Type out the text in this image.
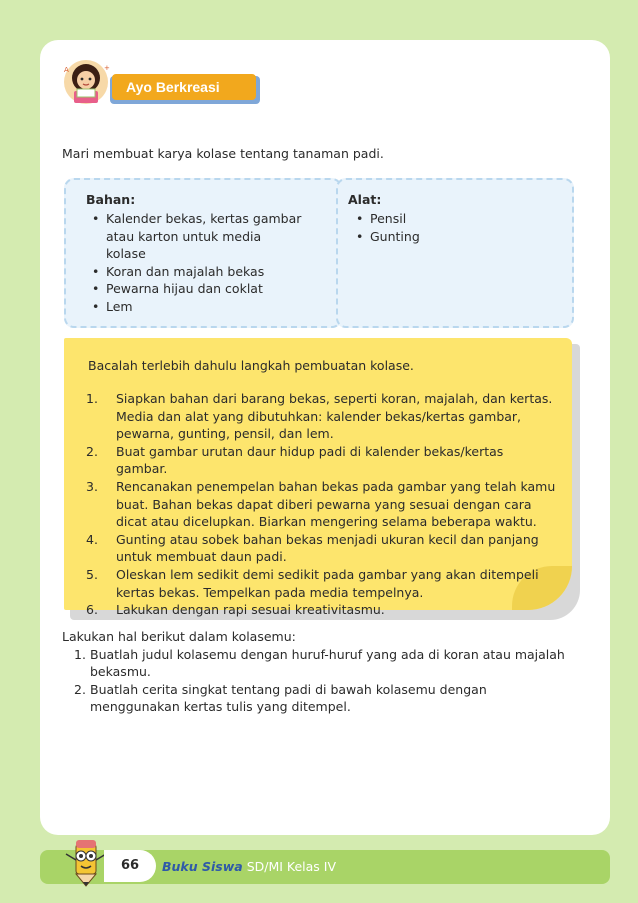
A	+
Ayo Berkreasi
Mari membuat karya kolase tentang tanaman padi.
Bahan:
• Kalender bekas, kertas gambar atau karton untuk media kolase
• Koran dan majalah bekas
• Pewarna hijau dan coklat
• Lem
Alat:
• Pensil
• Gunting
Bacalah terlebih dahulu langkah pembuatan kolase.
1. Siapkan bahan dari barang bekas, seperti koran, majalah, dan kertas. Media dan alat yang dibutuhkan: kalender bekas/kertas gambar, pewarna, gunting, pensil, dan lem.
2. Buat gambar urutan daur hidup padi di kalender bekas/kertas gambar.
3. Rencanakan penempelan bahan bekas pada gambar yang telah kamu buat. Bahan bekas dapat diberi pewarna yang sesuai dengan cara dicat atau dicelupkan. Biarkan mengering selama beberapa waktu.
4. Gunting atau sobek bahan bekas menjadi ukuran kecil dan panjang untuk membuat daun padi.
5. Oleskan lem sedikit demi sedikit pada gambar yang akan ditempeli kertas bekas. Tempelkan pada media tempelnya.
6. Lakukan dengan rapi sesuai kreativitasmu.
Lakukan hal berikut dalam kolasemu:
1. Buatlah judul kolasemu dengan huruf-huruf yang ada di koran atau majalah bekasmu.
2. Buatlah cerita singkat tentang padi di bawah kolasemu dengan menggunakan kertas tulis yang ditempel.
66	Buku Siswa SD/MI Kelas IV
